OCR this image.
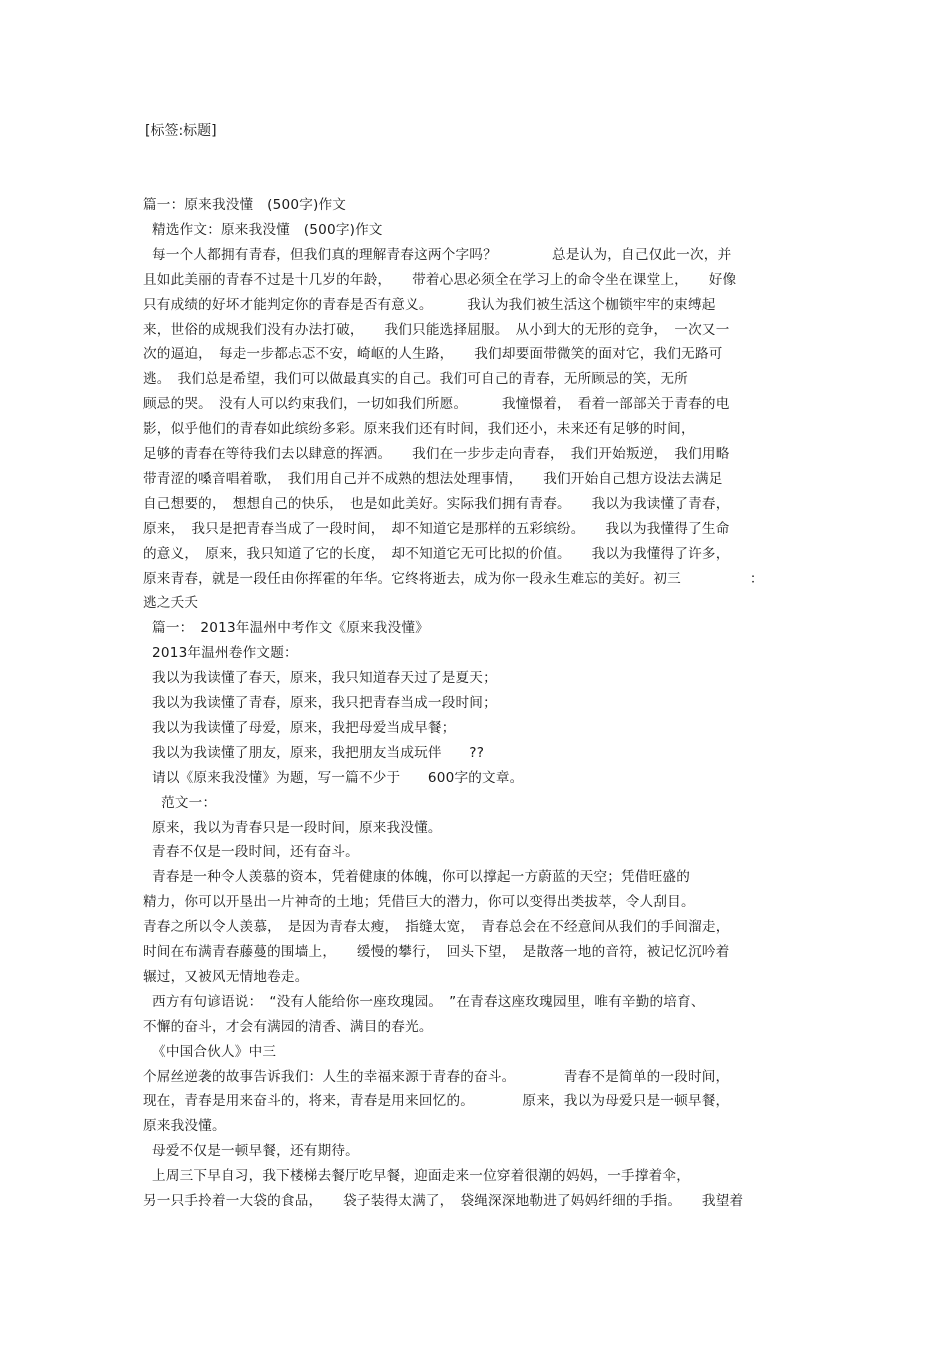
[标签:标题]
篇一：原来我没懂　(500字)作文
精选作文：原来我没懂　(500字)作文
每一个人都拥有青春，但我们真的理解青春这两个字吗？　　　　总是认为，自己仅此一次，并
且如此美丽的青春不过是十几岁的年龄，　　带着心思必须全在学习上的命令坐在课堂上，　　好像
只有成绩的好坏才能判定你的青春是否有意义。　　　我认为我们被生活这个枷锁牢牢的束缚起
来，世俗的成规我们没有办法打破，　　我们只能选择屈服。　从小到大的无形的竞争，　一次又一
次的逼迫，　每走一步都忐忑不安，崎岖的人生路，　　我们却要面带微笑的面对它，我们无路可
逃。　我们总是希望，我们可以做最真实的自己。我们可自己的青春，无所顾忌的笑，无所
顾忌的哭。　没有人可以约束我们，一切如我们所愿。　　　我憧憬着，　看着一部部关于青春的电
影，似乎他们的青春如此缤纷多彩。原来我们还有时间，我们还小，未来还有足够的时间，
足够的青春在等待我们去以肆意的挥洒。　　我们在一步步走向青春，　我们开始叛逆，　我们用略
带青涩的嗓音唱着歌，　我们用自己并不成熟的想法处理事情，　　我们开始自己想方设法去满足
自己想要的，　想想自己的快乐，　也是如此美好。实际我们拥有青春。　　我以为我读懂了青春，
原来，　我只是把青春当成了一段时间，　却不知道它是那样的五彩缤纷。　　我以为我懂得了生命
的意义，　原来，我只知道了它的长度，　却不知道它无可比拟的价值。　　我以为我懂得了许多，
原来青春，就是一段任由你挥霍的年华。它终将逝去，成为你一段永生难忘的美好。初三　　　　　：
逃之夭夭
篇一：　2013年温州中考作文《原来我没懂》
2013年温州卷作文题：
我以为我读懂了春天，原来，我只知道春天过了是夏天；
我以为我读懂了青春，原来，我只把青春当成一段时间；
我以为我读懂了母爱，原来，我把母爱当成早餐；
我以为我读懂了朋友，原来，我把朋友当成玩伴　　??
请以《原来我没懂》为题，写一篇不少于　　600字的文章。
范文一：
原来，我以为青春只是一段时间，原来我没懂。
青春不仅是一段时间，还有奋斗。
青春是一种令人羡慕的资本，凭着健康的体魄，你可以撑起一方蔚蓝的天空；凭借旺盛的
精力，你可以开垦出一片神奇的土地；凭借巨大的潜力，你可以变得出类拔萃，令人刮目。
青春之所以令人羡慕，　是因为青春太瘦，　指缝太宽，　青春总会在不经意间从我们的手间溜走，
时间在布满青春藤蔓的围墙上，　　缓慢的攀行，　回头下望，　是散落一地的音符，被记忆沉吟着
辗过，又被风无情地卷走。
西方有句谚语说：　“没有人能给你一座玫瑰园。　”在青春这座玫瑰园里，唯有辛勤的培育、
不懈的奋斗，才会有满园的清香、满目的春光。
《中国合伙人》中三
个屌丝逆袭的故事告诉我们：人生的幸福来源于青春的奋斗。　　　　青春不是简单的一段时间，
现在，青春是用来奋斗的，将来，青春是用来回忆的。　　　　原来，我以为母爱只是一顿早餐，
原来我没懂。
母爱不仅是一顿早餐，还有期待。
上周三下早自习，我下楼梯去餐厅吃早餐，迎面走来一位穿着很潮的妈妈，一手撑着伞，
另一只手拎着一大袋的食品，　　袋子装得太满了，　袋绳深深地勒进了妈妈纤细的手指。　　我望着
